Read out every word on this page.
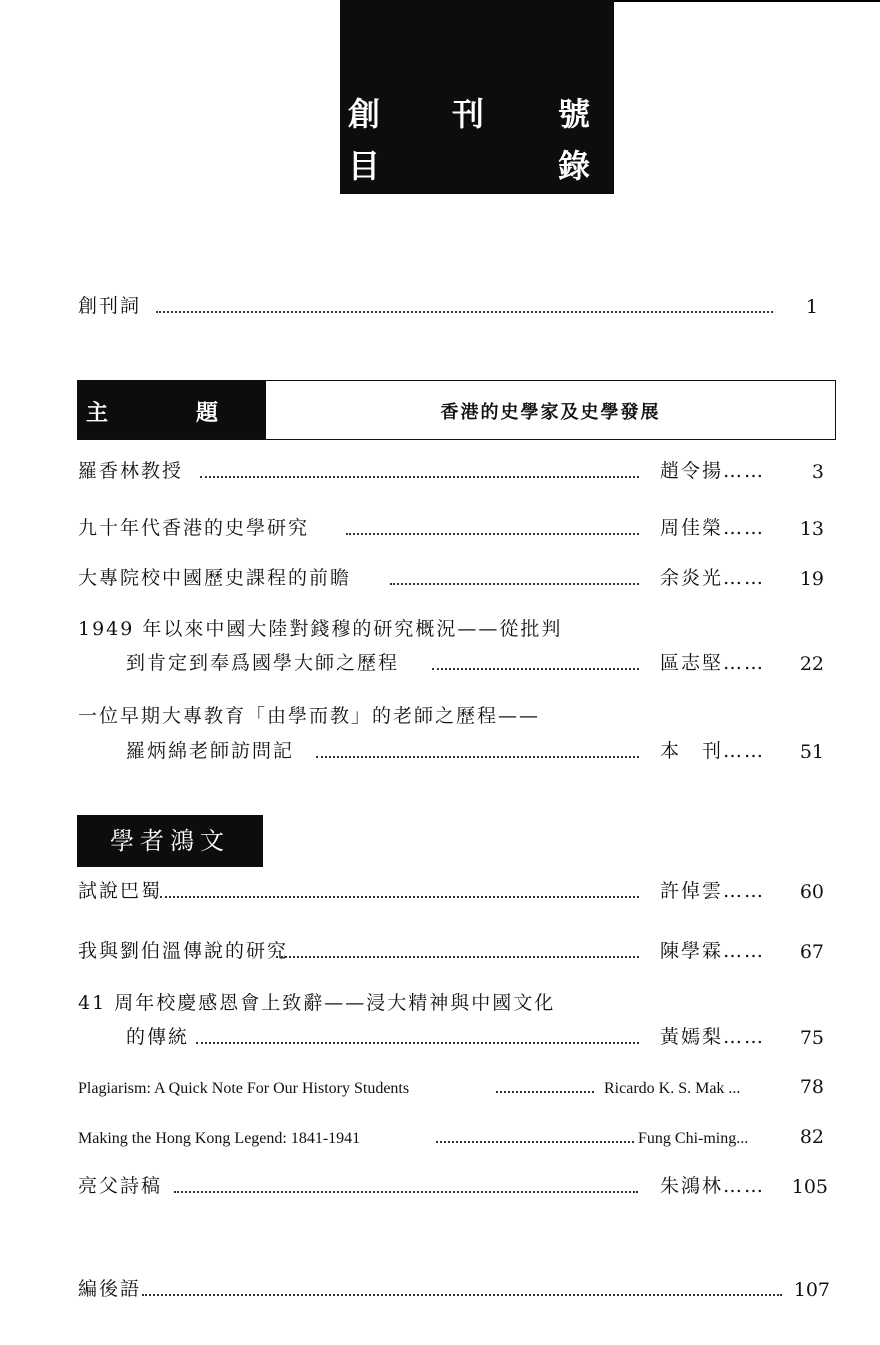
創 刊 號
目	錄
創刊詞	1
主	題	香港的史學家及史學發展
羅香林教授	趙令揚…… 3
九十年代香港的史學研究	周佳榮…… 13
大專院校中國歷史課程的前瞻	余炎光…… 19
1949 年以來中國大陸對錢穆的研究概況——從批判
到肯定到奉爲國學大師之歷程	區志堅…… 22
一位早期大專教育「由學而教」的老師之歷程——
羅炳綿老師訪問記	本　刊…… 51
學者鴻文
試說巴蜀	許倬雲…… 60
我與劉伯溫傳說的研究	陳學霖…… 67
41 周年校慶感恩會上致辭——浸大精神與中國文化
的傳統	黃嫣梨…… 75
Plagiarism: A Quick Note For Our History Students	Ricardo K. S. Mak ...	78
Making the Hong Kong Legend: 1841-1941	Fung Chi-ming...	82
亮父詩稿	朱鴻林…… 105
編後語	107
